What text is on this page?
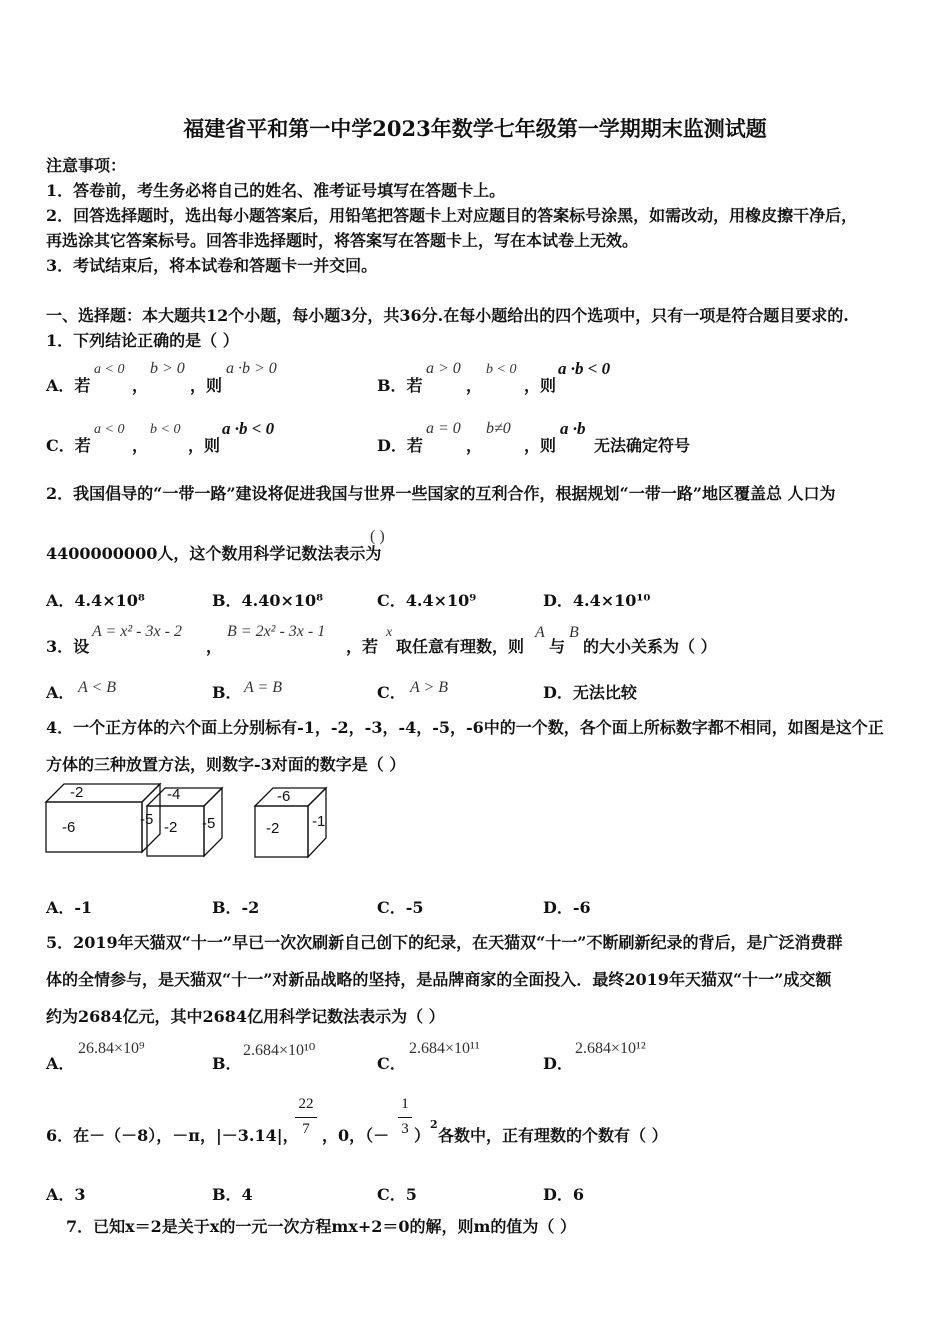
福建省平和第一中学2023年数学七年级第一学期期末监测试题
注意事项：
1．答卷前，考生务必将自己的姓名、准考证号填写在答题卡上。
2．回答选择题时，选出每小题答案后，用铅笔把答题卡上对应题目的答案标号涂黑，如需改动，用橡皮擦干净后，
再选涂其它答案标号。回答非选择题时，将答案写在答题卡上，写在本试卷上无效。
3．考试结束后，将本试卷和答题卡一并交回。
一、选择题：本大题共12个小题，每小题3分，共36分.在每小题给出的四个选项中，只有一项是符合题目要求的.
1．下列结论正确的是（ ）
A．若
a < 0
，
b > 0
，则
a ·b > 0
B．若
a > 0
，
b < 0
，则
a ·b < 0
C．若
a < 0
，
b < 0
，则
a ·b < 0
D．若
a = 0
，
b≠0
，则
a ·b
无法确定符号
2．我国倡导的“一带一路”建设将促进我国与世界一些国家的互利合作，根据规划“一带一路”地区覆盖总 人口为
4400000000人，这个数用科学记数法表示为
( )
A．4.4×10⁸	B．4.40×10⁸	C．4.4×10⁹	D．4.4×10¹⁰
3．设
A = x² - 3x - 2
，
B = 2x² - 3x - 1
，若
x
取任意有理数，则
A
与
B
的大小关系为（ ）
A． A < B	B． A = B	C． A > B	D．无法比较
4．一个正方体的六个面上分别标有-1，-2，-3，-4，-5，-6中的一个数，各个面上所标数字都不相同，如图是这个正
方体的三种放置方法，则数字-3对面的数字是（ ）
-2
-6	-5
-4
-2 -5
-6
-2 -1
A．-1	B．-2	C．-5	D．-6
5．2019年天猫双“十一”早已一次次刷新自己创下的纪录，在天猫双“十一”不断刷新纪录的背后，是广泛消费群
体的全情参与，是天猫双“十一”对新品战略的坚持，是品牌商家的全面投入．最终2019年天猫双“十一”成交额
约为2684亿元，其中2684亿用科学记数法表示为（ ）
A．
26.84×10⁹
B．
2.684×10¹⁰
C．
2.684×10¹¹
D．
2.684×10¹²
6．在－（－8），－π，|－3.14|，
22
7 ，0，（－
1
3 ）
2
各数中，正有理数的个数有（ ）
A．3	B．4	C．5	D．6
7．已知x＝2是关于x的一元一次方程mx+2＝0的解，则m的值为（ ）
